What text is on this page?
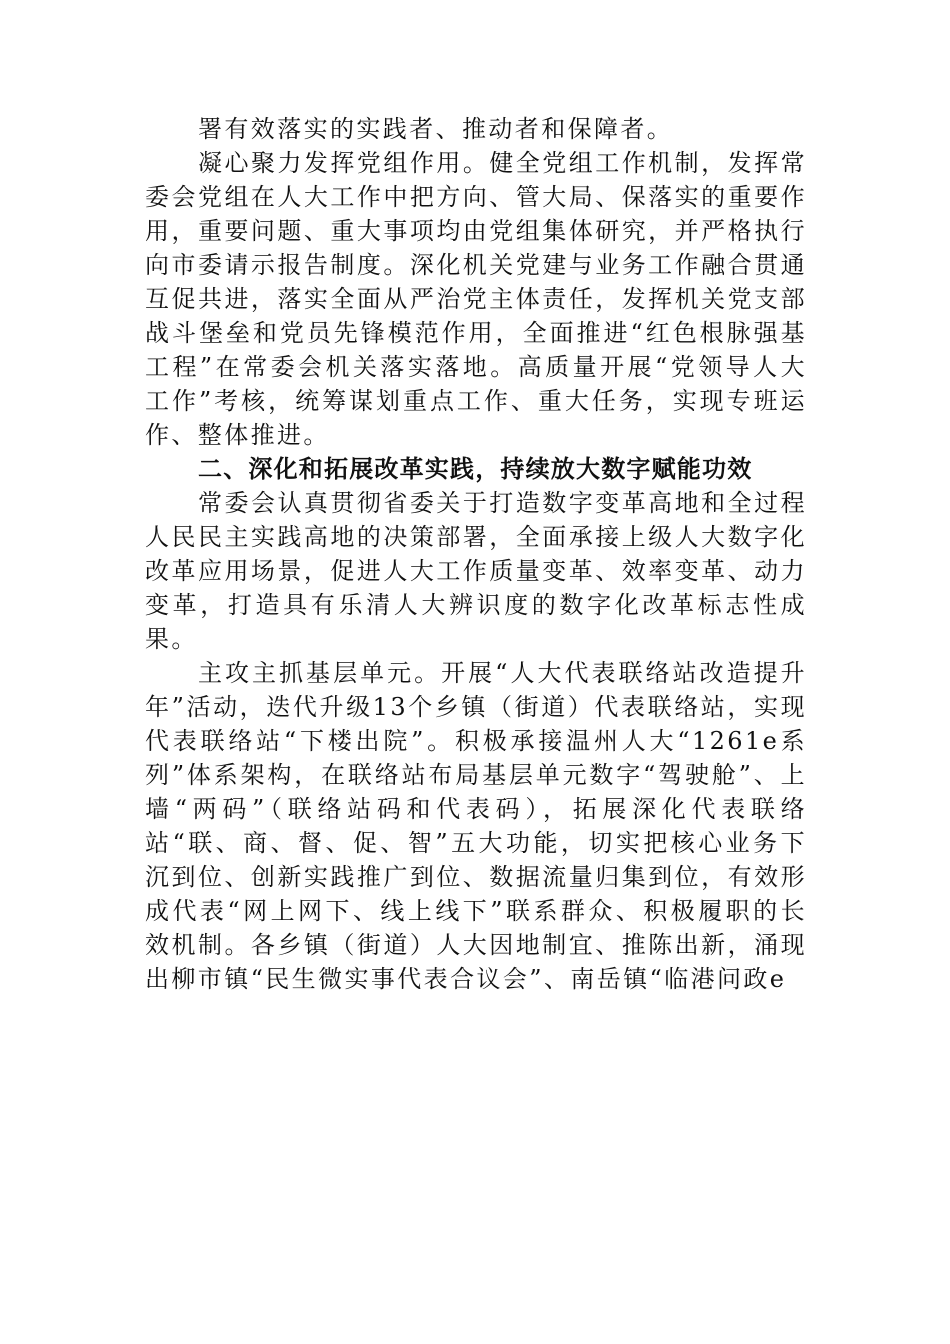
署有效落实的实践者、推动者和保障者。

凝心聚力发挥党组作用。健全党组工作机制，发挥常委会党组在人大工作中把方向、管大局、保落实的重要作用，重要问题、重大事项均由党组集体研究，并严格执行向市委请示报告制度。深化机关党建与业务工作融合贯通互促共进，落实全面从严治党主体责任，发挥机关党支部战斗堡垒和党员先锋模范作用，全面推进“红色根脉强基工程”在常委会机关落实落地。高质量开展“党领导人大工作”考核，统筹谋划重点工作、重大任务，实现专班运作、整体推进。

二、深化和拓展改革实践，持续放大数字赋能功效

常委会认真贯彻省委关于打造数字变革高地和全过程人民民主实践高地的决策部署，全面承接上级人大数字化改革应用场景，促进人大工作质量变革、效率变革、动力变革，打造具有乐清人大辨识度的数字化改革标志性成果。

主攻主抓基层单元。开展“人大代表联络站改造提升年”活动，迭代升级13个乡镇（街道）代表联络站，实现代表联络站“下楼出院”。积极承接温州人大“1261e系列”体系架构，在联络站布局基层单元数字“驾驶舱”、上墙“两码”（联络站码和代表码），拓展深化代表联络站“联、商、督、促、智”五大功能，切实把核心业务下沉到位、创新实践推广到位、数据流量归集到位，有效形成代表“网上网下、线上线下”联系群众、积极履职的长效机制。各乡镇（街道）人大因地制宜、推陈出新，涌现出柳市镇“民生微实事代表合议会”、南岳镇“临港问政e
